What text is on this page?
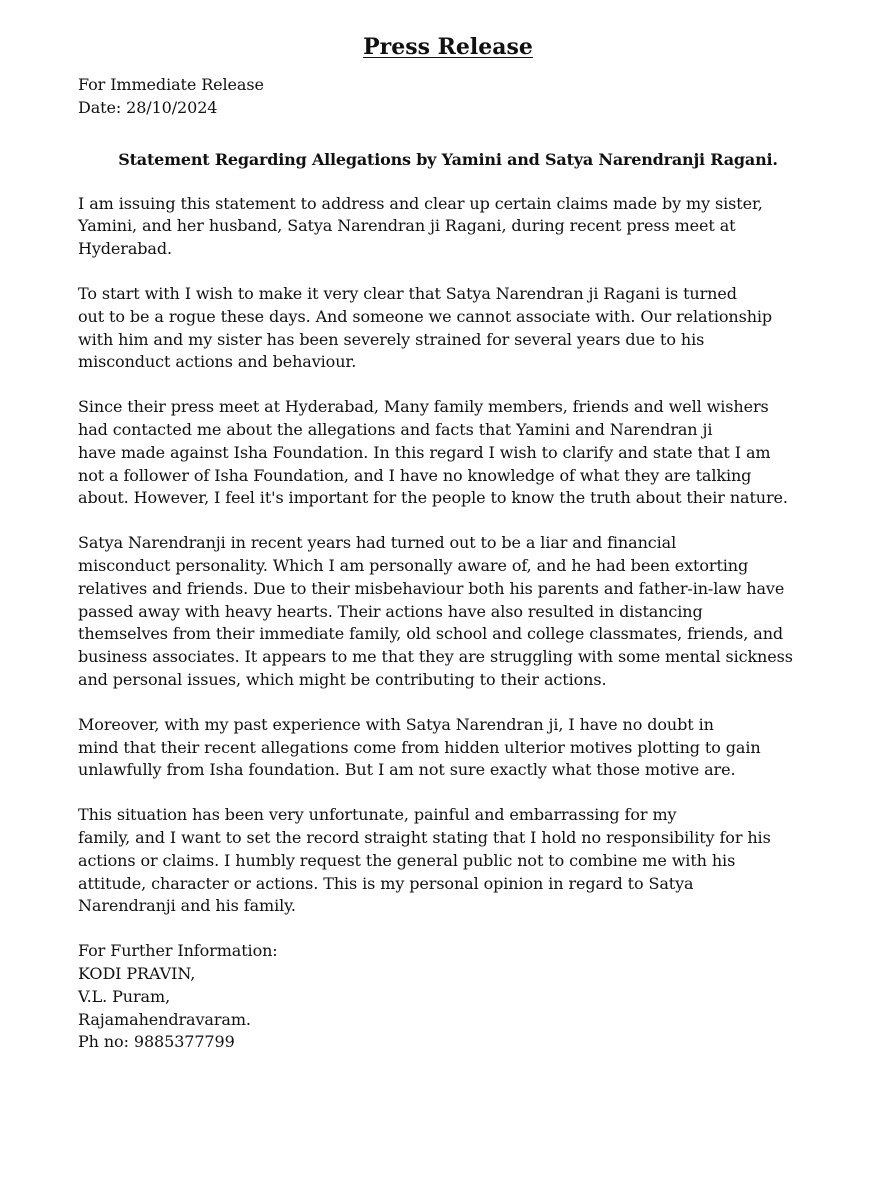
Press Release

For Immediate Release

Date: 28/10/2024

Statement Regarding Allegations by Yamini and Satya Narendranji Ragani.

I am issuing this statement to address and clear up certain claims made by my sister,

Yamini, and her husband, Satya Narendran ji Ragani, during recent press meet at

Hyderabad.

To start with I wish to make it very clear that Satya Narendran ji Ragani is turned

out to be a rogue these days. And someone we cannot associate with. Our relationship

with him and my sister has been severely strained for several years due to his

misconduct actions and behaviour.

Since their press meet at Hyderabad, Many family members, friends and well wishers

had contacted me about the allegations and facts that Yamini and Narendran ji

have made against Isha Foundation. In this regard I wish to clarify and state that I am

not a follower of Isha Foundation, and I have no knowledge of what they are talking

about. However, I feel it's important for the people to know the truth about their nature.

Satya Narendranji in recent years had turned out to be a liar and financial

misconduct personality. Which I am personally aware of, and he had been extorting

relatives and friends. Due to their misbehaviour both his parents and father-in-law have

passed away with heavy hearts. Their actions have also resulted in distancing

themselves from their immediate family, old school and college classmates, friends, and

business associates. It appears to me that they are struggling with some mental sickness

and personal issues, which might be contributing to their actions.

Moreover, with my past experience with Satya Narendran ji, I have no doubt in

mind that their recent allegations come from hidden ulterior motives plotting to gain

unlawfully from Isha foundation. But I am not sure exactly what those motive are.

This situation has been very unfortunate, painful and embarrassing for my

family, and I want to set the record straight stating that I hold no responsibility for his

actions or claims. I humbly request the general public not to combine me with his

attitude, character or actions. This is my personal opinion in regard to Satya

Narendranji and his family.

For Further Information:

KODI PRAVIN,

V.L. Puram,

Rajamahendravaram.

Ph no: 9885377799
